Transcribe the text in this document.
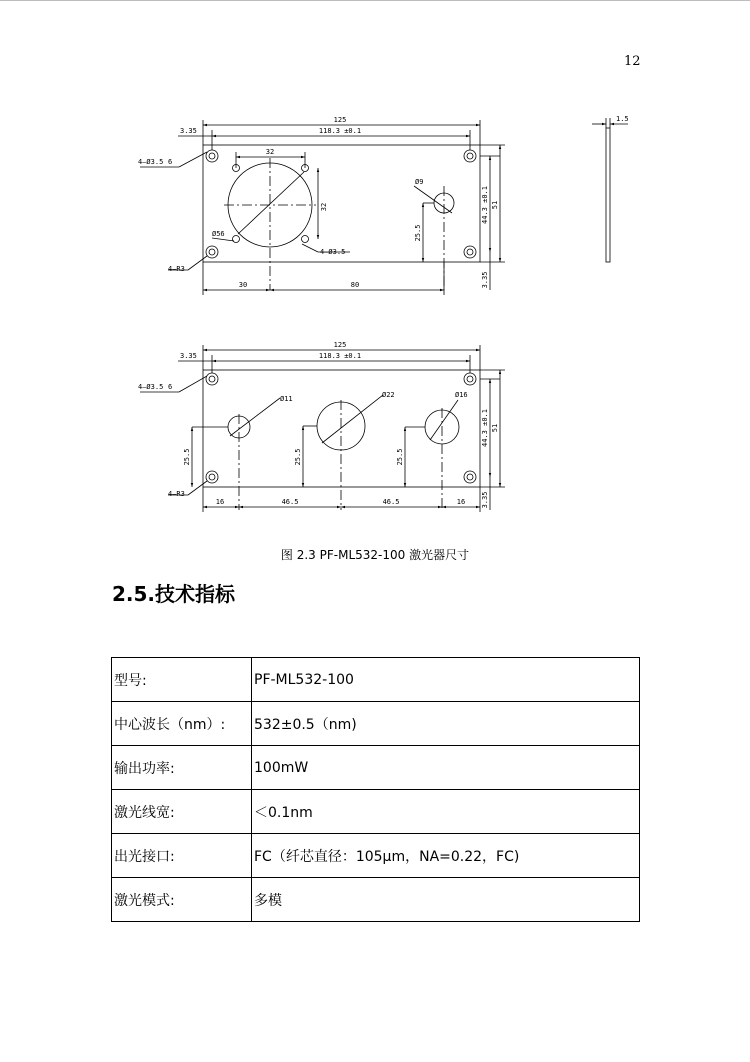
12
125
118.3 ±0.1
3.35
4—Ø3.5 6
32
32
Ø56
Ø9
4—Ø3.5
4—R3
44.3 ±0.1 51
3.35
25.5
30	80
1.5
125
118.3 ±0.1
3.35
4—Ø3.5 6
Ø11	Ø22	Ø16
4—R3
44.3 ±0.1 51
3.35
25.5	25.5	25.5
16	46.5	46.5	16
图 2.3 PF-ML532-100 激光器尺寸
2.5.技术指标
型号:	PF-ML532-100
中心波长（nm）:	532±0.5（nm)
输出功率:	100mW
激光线宽:	＜0.1nm
出光接口:	FC（纤芯直径：105μm，NA=0.22，FC)
激光模式:	多模
